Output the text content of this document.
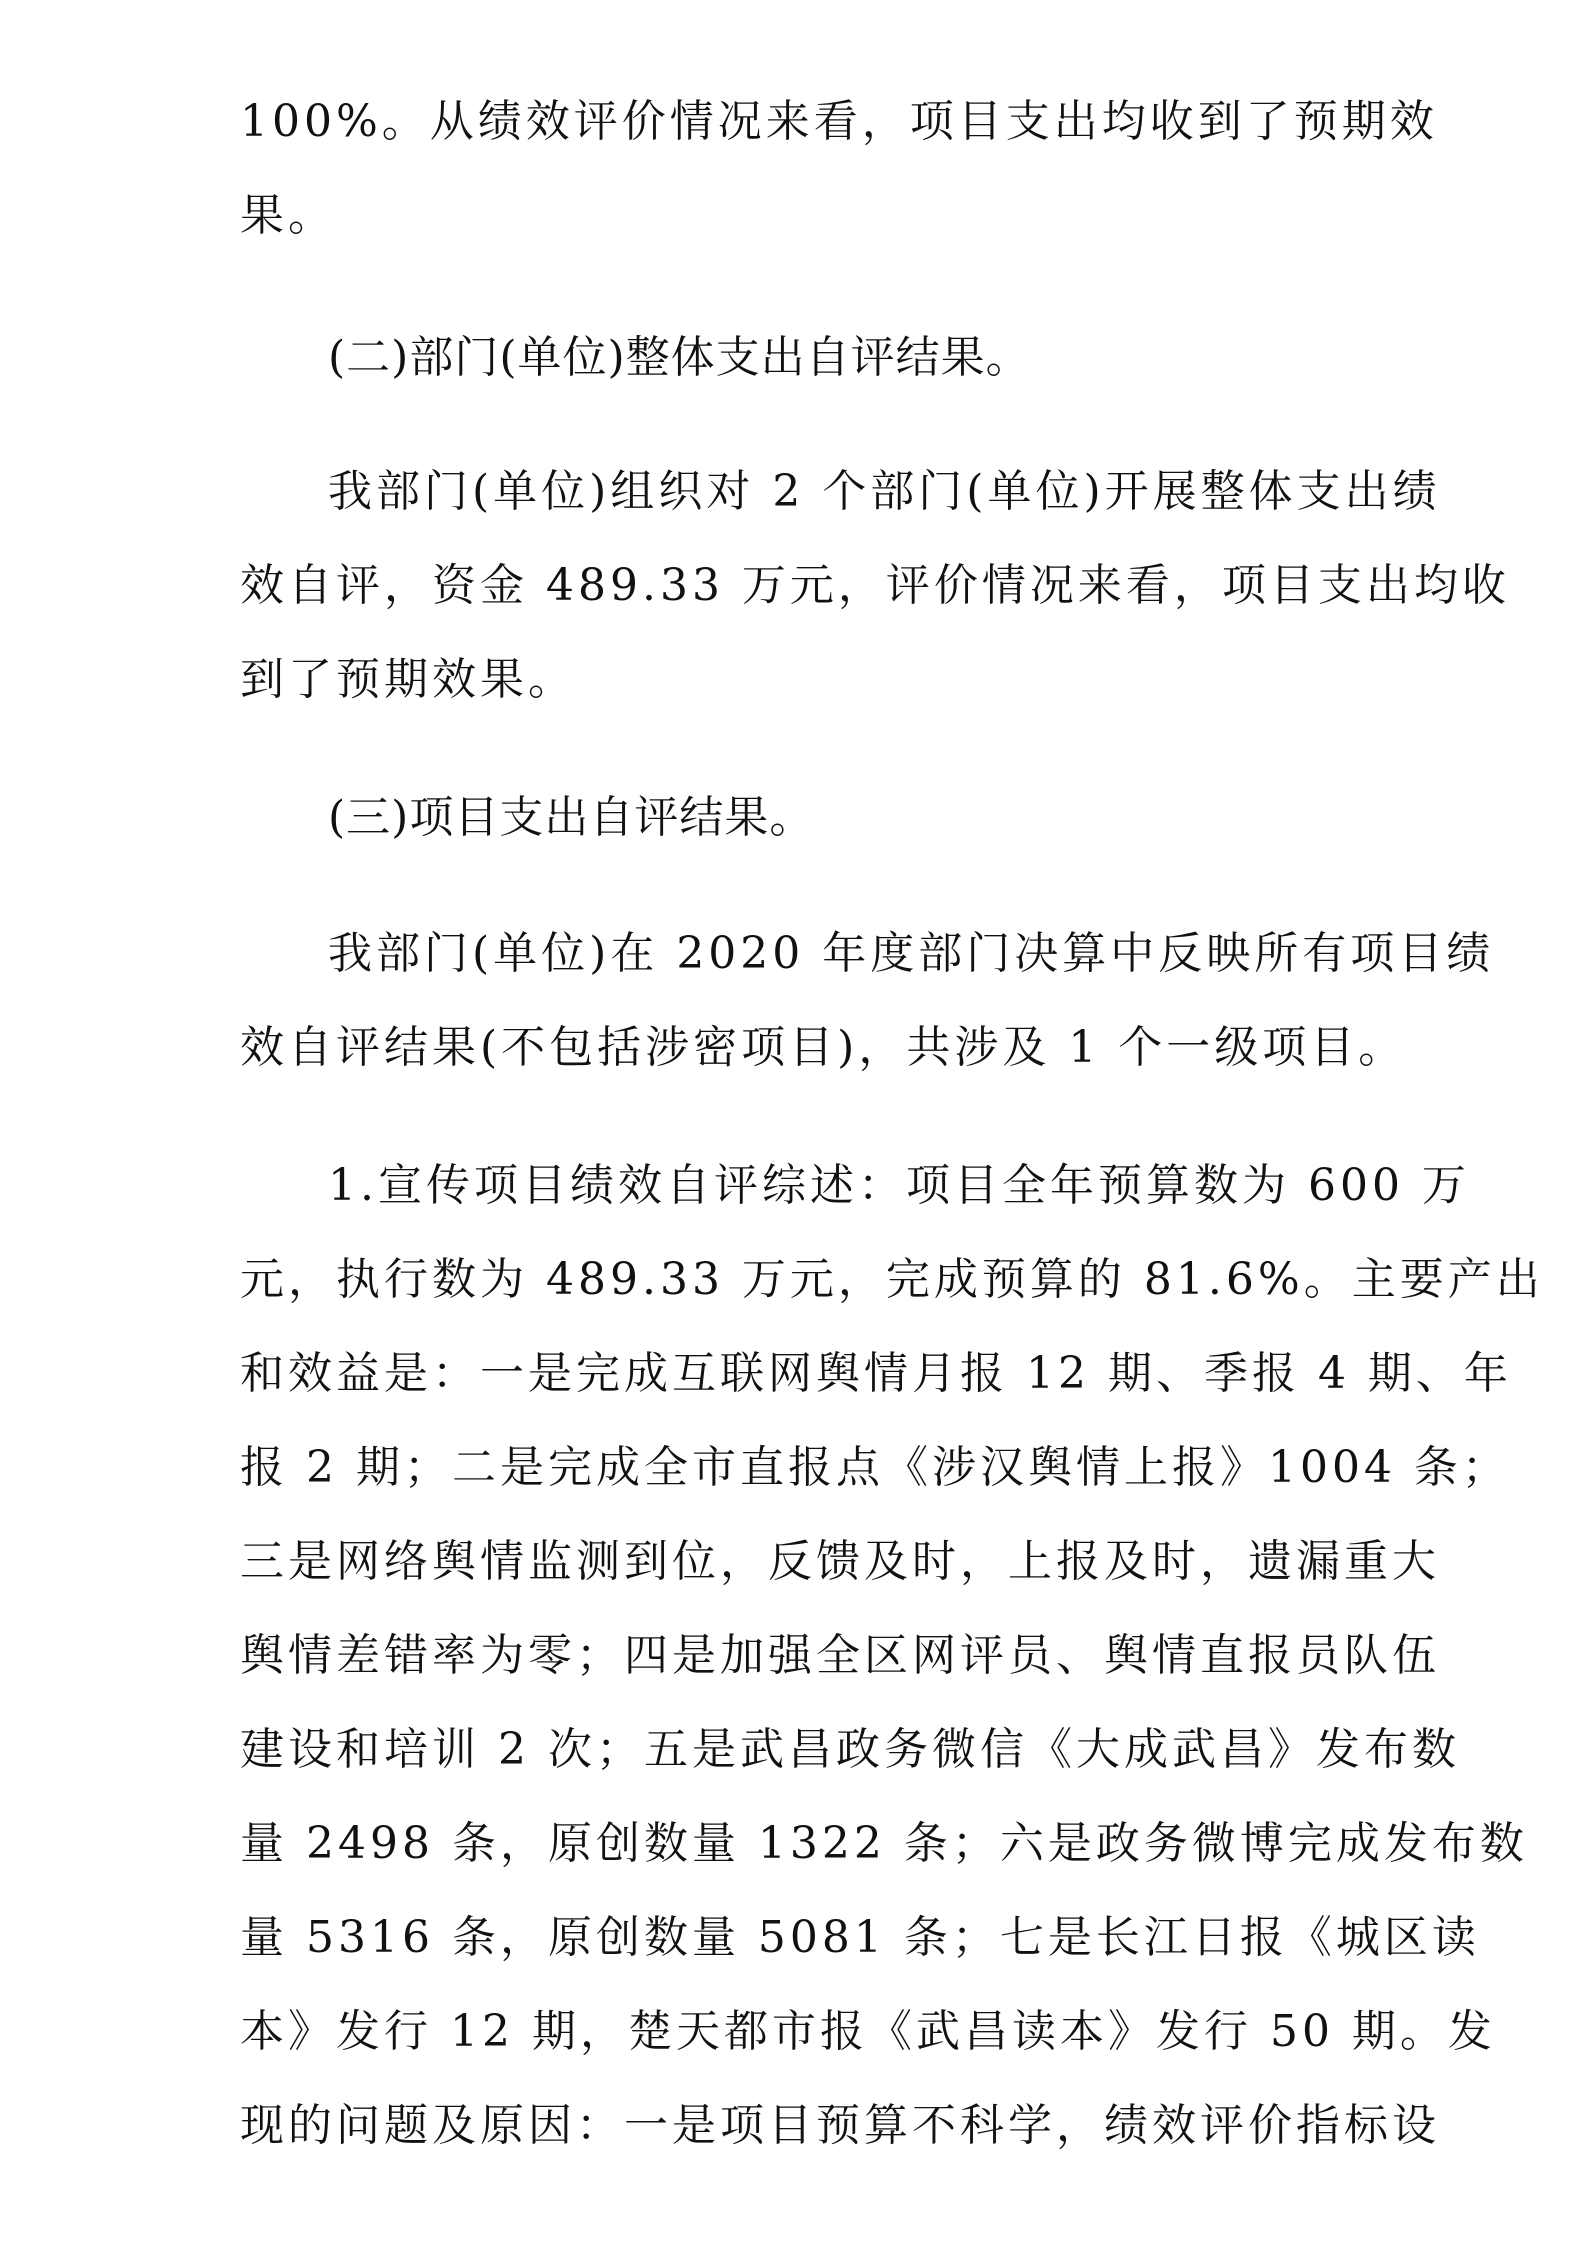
100%。从绩效评价情况来看，项目支出均收到了预期效
果。
(二)部门(单位)整体支出自评结果。
我部门(单位)组织对 2 个部门(单位)开展整体支出绩
效自评，资金 489.33 万元，评价情况来看，项目支出均收
到了预期效果。
(三)项目支出自评结果。
我部门(单位)在 2020 年度部门决算中反映所有项目绩
效自评结果(不包括涉密项目)，共涉及 1 个一级项目。
1.宣传项目绩效自评综述：项目全年预算数为 600 万
元，执行数为 489.33 万元，完成预算的 81.6%。主要产出
和效益是：一是完成互联网舆情月报 12 期、季报 4 期、年
报 2 期；二是完成全市直报点《涉汉舆情上报》1004 条；
三是网络舆情监测到位，反馈及时，上报及时，遗漏重大
舆情差错率为零；四是加强全区网评员、舆情直报员队伍
建设和培训 2 次；五是武昌政务微信《大成武昌》发布数
量 2498 条，原创数量 1322 条；六是政务微博完成发布数
量 5316 条，原创数量 5081 条；七是长江日报《城区读
本》发行 12 期，楚天都市报《武昌读本》发行 50 期。发
现的问题及原因：一是项目预算不科学，绩效评价指标设
